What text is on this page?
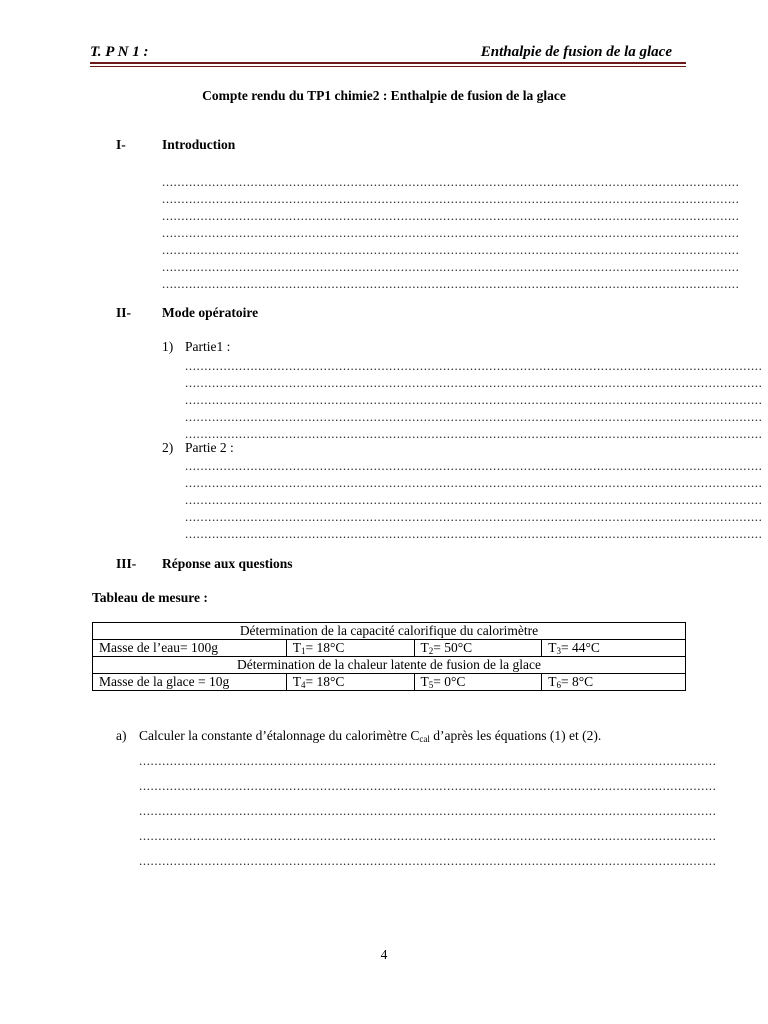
T. P N 1 :	Enthalpie de fusion de la glace
Compte rendu du TP1 chimie2 : Enthalpie de fusion de la glace
I-	Introduction
......................................................................................................................................................
......................................................................................................................................................
......................................................................................................................................................
......................................................................................................................................................
......................................................................................................................................................
......................................................................................................................................................
......................................................................................................................................................
II- Mode opératoire
1) Partie1 :
......................................................................................................................................................
......................................................................................................................................................
......................................................................................................................................................
......................................................................................................................................................
......................................................................................................................................................
2) Partie 2 :
......................................................................................................................................................
......................................................................................................................................................
......................................................................................................................................................
......................................................................................................................................................
......................................................................................................................................................
III- Réponse aux questions
Tableau de mesure :
Détermination de la capacité calorifique du calorimètre			
Masse de l’eau= 100g	$T_1= 18^\circ C$	$T_2= 50^\circ C$	$T_3= 44^\circ C$
Détermination de la chaleur latente de fusion de la glace			
Masse de la glace = 10g	$T_4= 18^\circ C$	$T_5= 0^\circ C$	$T_6= 8^\circ C$
a) Calculer la constante d’étalonnage du calorimètre $C_{cal}$ d’après les équations (1) et (2).
......................................................................................................................................................
......................................................................................................................................................
......................................................................................................................................................
......................................................................................................................................................
......................................................................................................................................................
4
